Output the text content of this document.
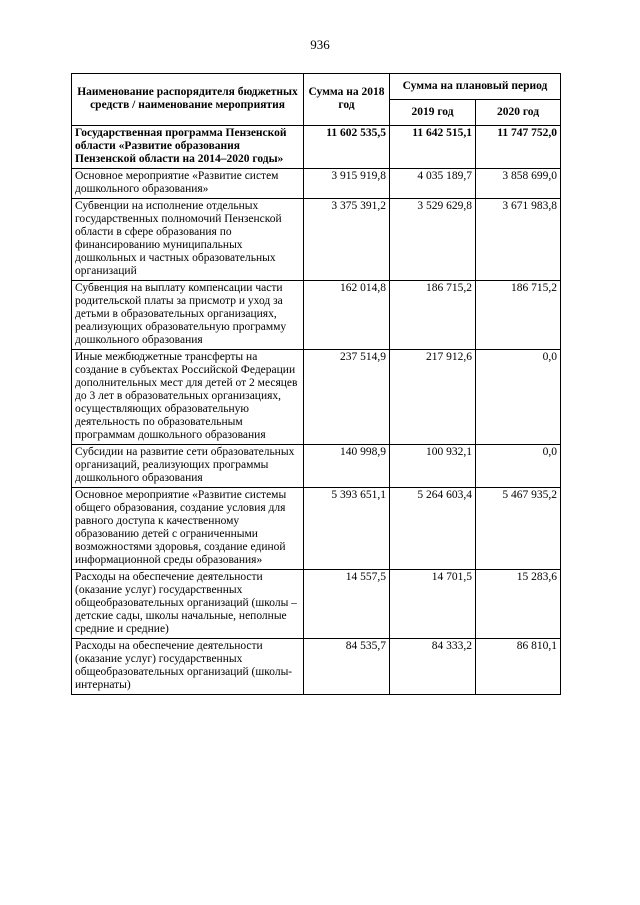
936
Наименование распорядителя бюджетных средств / наименование мероприятия	Сумма на 2018 год	Сумма на плановый период	
		2019 год	2020 год
Государственная программа Пензенской области «Развитие образования Пензенской области на 2014–2020 годы»	11 602 535,5	11 642 515,1	11 747 752,0
Основное мероприятие «Развитие систем дошкольного образования»	3 915 919,8	4 035 189,7	3 858 699,0
Субвенции на исполнение отдельных государственных полномочий Пензенской области в сфере образования по финансированию муниципальных дошкольных и частных образовательных организаций	3 375 391,2	3 529 629,8	3 671 983,8
Субвенция на выплату компенсации части родительской платы за присмотр и уход за детьми в образовательных организациях, реализующих образовательную программу дошкольного образования	162 014,8	186 715,2	186 715,2
Иные межбюджетные трансферты на создание в субъектах Российской Федерации дополнительных мест для детей от 2 месяцев до 3 лет в образовательных организациях, осуществляющих образовательную деятельность по образовательным программам дошкольного образования	237 514,9	217 912,6	0,0
Субсидии на развитие сети образовательных организаций, реализующих программы дошкольного образования	140 998,9	100 932,1	0,0
Основное мероприятие «Развитие системы общего образования, создание условия для равного доступа к качественному образованию детей с ограниченными возможностями здоровья, создание единой информационной среды образования»	5 393 651,1	5 264 603,4	5 467 935,2
Расходы на обеспечение деятельности (оказание услуг) государственных общеобразовательных организаций (школы – детские сады, школы начальные, неполные средние и средние)	14 557,5	14 701,5	15 283,6
Расходы на обеспечение деятельности (оказание услуг) государственных общеобразовательных организаций (школы-интернаты)	84 535,7	84 333,2	86 810,1
